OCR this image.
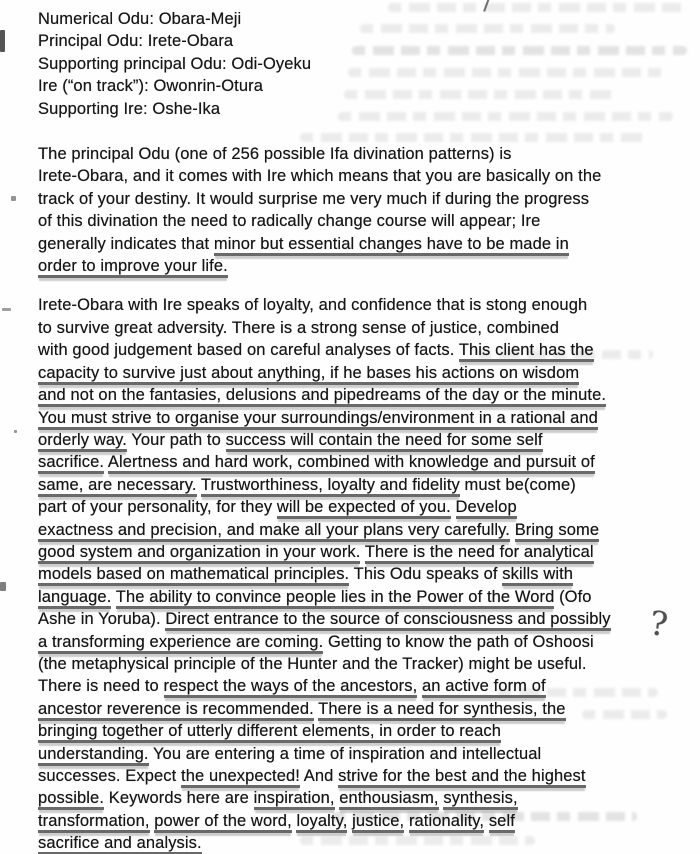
Numerical Odu: Obara-Meji
Principal Odu: Irete-Obara
Supporting principal Odu: Odi-Oyeku
Ire (“on track”): Owonrin-Otura
Supporting Ire: Oshe-Ika
The principal Odu (one of 256 possible Ifa divination patterns) is
Irete-Obara, and it comes with Ire which means that you are basically on the
track of your destiny. It would surprise me very much if during the progress
of this divination the need to radically change course will appear; Ire
generally indicates that minor but essential changes have to be made in
order to improve your life.
Irete-Obara with Ire speaks of loyalty, and confidence that is stong enough
to survive great adversity. There is a strong sense of justice, combined
with good judgement based on careful analyses of facts. This client has the
capacity to survive just about anything, if he bases his actions on wisdom
and not on the fantasies, delusions and pipedreams of the day or the minute.
You must strive to organise your surroundings/environment in a rational and
orderly way. Your path to success will contain the need for some self
sacrifice. Alertness and hard work, combined with knowledge and pursuit of
same, are necessary. Trustworthiness, loyalty and fidelity must be(come)
part of your personality, for they will be expected of you. Develop
exactness and precision, and make all your plans very carefully. Bring some
good system and organization in your work. There is the need for analytical
models based on mathematical principles. This Odu speaks of skills with
language. The ability to convince people lies in the Power of the Word (Ofo
Ashe in Yoruba). Direct entrance to the source of consciousness and possibly
a transforming experience are coming. Getting to know the path of Oshoosi
(the metaphysical principle of the Hunter and the Tracker) might be useful.
There is need to respect the ways of the ancestors, an active form of
ancestor reverence is recommended. There is a need for synthesis, the
bringing together of utterly different elements, in order to reach
understanding. You are entering a time of inspiration and intellectual
successes. Expect the unexpected! And strive for the best and the highest
possible. Keywords here are inspiration, enthousiasm, synthesis,
transformation, power of the word, loyalty, justice, rationality, self
sacrifice and analysis.
?
